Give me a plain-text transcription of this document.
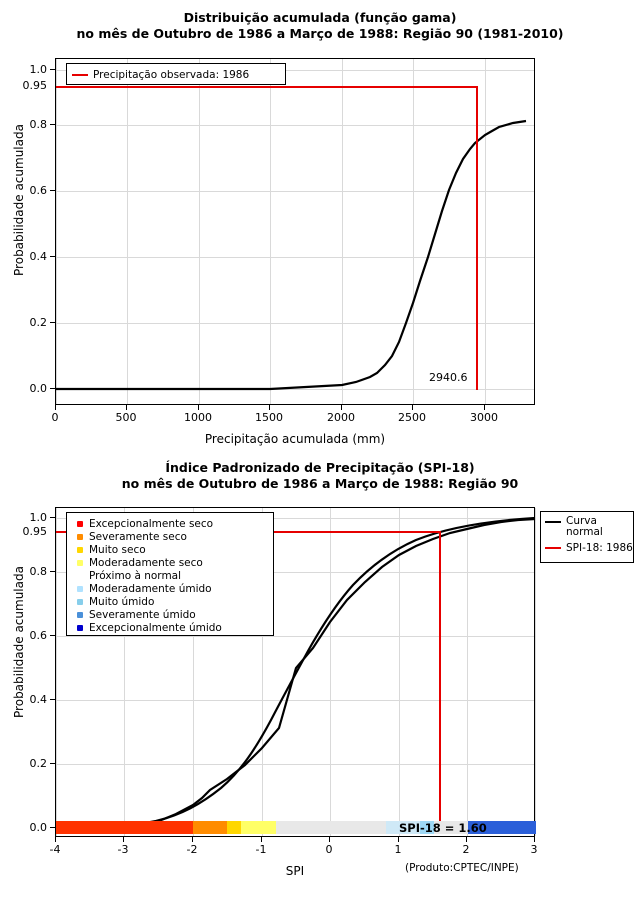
Distribuição acumulada (função gama)
no mês de Outubro de 1986 a Março de 1988: Região 90 (1981-2010)
Precipitação observada: 1986
2940.6
0.0
0.2
0.4
0.6
0.8
1.0
0.95
0	500	1000	1500	2000	2500	3000
Precipitação acumulada (mm)
Probabilidade acumulada
Índice Padronizado de Precipitação (SPI-18)
no mês de Outubro de 1986 a Março de 1988: Região 90
Excepcionalmente seco
Severamente seco
Muito seco
Moderadamente seco
Próximo à normal
Moderadamente úmido
Muito úmido
Severamente úmido
Excepcionalmente úmido
SPI-18 = 1.60
Curva
normal
SPI-18: 1986
0.0
0.2
0.4
0.6
0.8
1.0
0.95
-4	-3	-2	-1	0	1	2	3
SPI
Probabilidade acumulada
(Produto:CPTEC/INPE)
